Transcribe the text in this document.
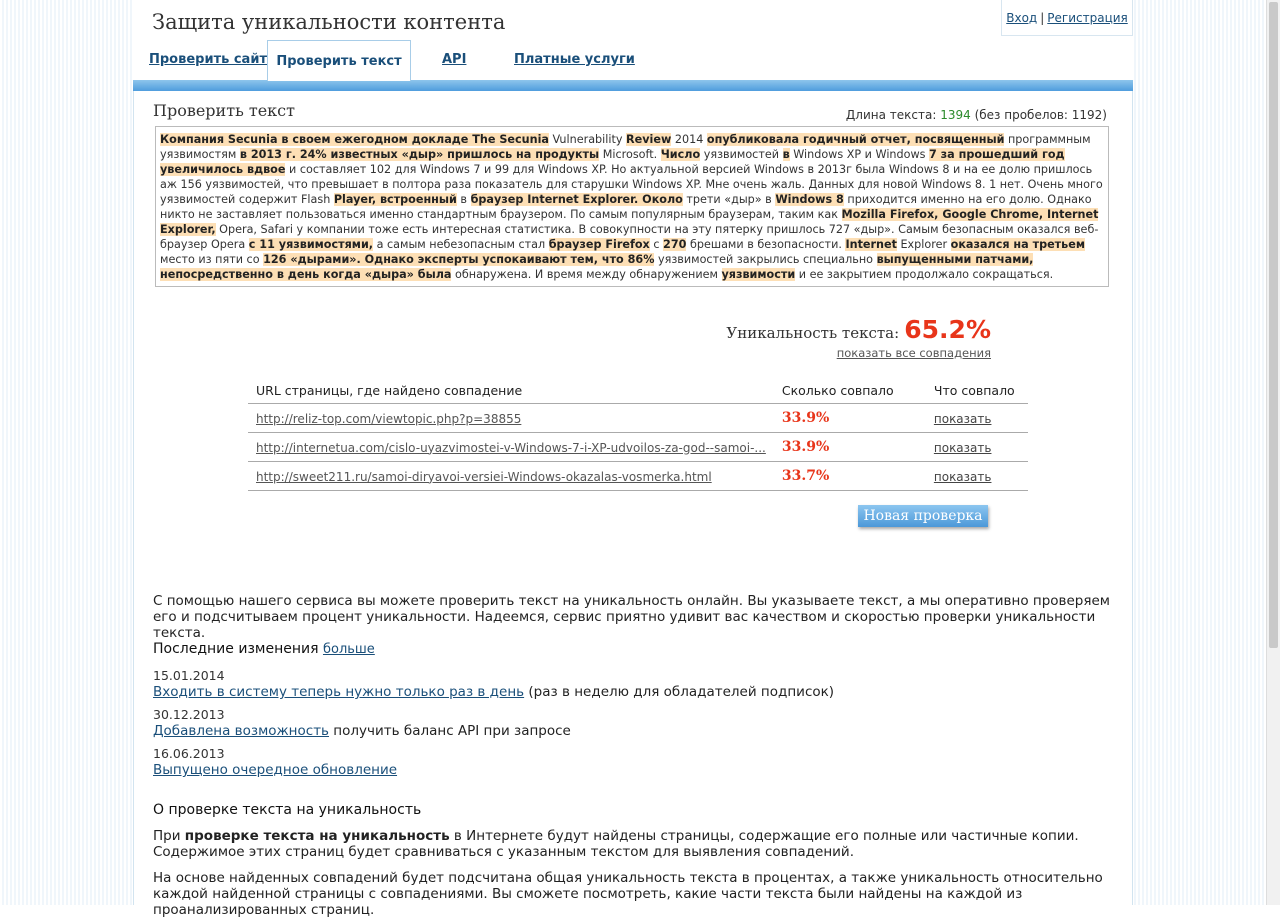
Защита уникальности контента	Вход | Регистрация
Проверить сайт Проверить текст	API	Платные услуги
Проверить текст	Длина текста: 1394 (без пробелов: 1192)
Компания Secunia в своем ежегодном докладе The Secunia Vulnerability Review 2014 опубликовала годичный отчет, посвященный программным уязвимостям в 2013 г. 24% известных «дыр» пришлось на продукты Microsoft. Число уязвимостей в Windows XP и Windows 7 за прошедший год увеличилось вдвое и составляет 102 для Windows 7 и 99 для Windows XP. Но актуальной версией Windows в 2013г была Windows 8 и на ее долю пришлось аж 156 уязвимостей, что превышает в полтора раза показатель для старушки Windows XP. Мне очень жаль. Данных для новой Windows 8. 1 нет. Очень много уязвимостей содержит Flash Player, встроенный в браузер Internet Explorer. Около трети «дыр» в Windows 8 приходится именно на его долю. Однако никто не заставляет пользоваться именно стандартным браузером. По самым популярным браузерам, таким как Mozilla Firefox, Google Chrome, Internet Explorer, Opera, Safari у компании тоже есть интересная статистика. В совокупности на эту пятерку пришлось 727 «дыр». Самым безопасным оказался веб-браузер Opera с 11 уязвимостями, а самым небезопасным стал браузер Firefox с 270 брешами в безопасности. Internet Explorer оказался на третьем место из пяти со 126 «дырами». Однако эксперты успокаивают тем, что 86% уязвимостей закрылись специально выпущенными патчами, непосредственно в день когда «дыра» была обнаружена. И время между обнаружением уязвимости и ее закрытием продолжало сокращаться.
Уникальность текста: 65.2%
показать все совпадения
URL страницы, где найдено совпадение	Сколько совпало	Что совпало
http://reliz-top.com/viewtopic.php?p=38855	33.9%	показать
http://internetua.com/cislo-uyazvimostei-v-Windows-7-i-XP-udvoilos-za-god--samoi-...	33.9%	показать
http://sweet211.ru/samoi-diryavoi-versiei-Windows-okazalas-vosmerka.html	33.7%	показать
Новая проверка

С помощью нашего сервиса вы можете проверить текст на уникальность онлайн. Вы указываете текст, а мы оперативно проверяем его и подсчитываем процент уникальности. Надеемся, сервис приятно удивит вас качеством и скоростью проверки уникальности текста.

Последние изменения больше
15.01.2014
Входить в систему теперь нужно только раз в день (раз в неделю для обладателей подписок)
30.12.2013
Добавлена возможность получить баланс API при запросе
16.06.2013
Выпущено очередное обновление
О проверке текста на уникальность

При проверке текста на уникальность в Интернете будут найдены страницы, содержащие его полные или частичные копии. Содержимое этих страниц будет сравниваться с указанным текстом для выявления совпадений.

На основе найденных совпадений будет подсчитана общая уникальность текста в процентах, а также уникальность относительно каждой найденной страницы с совпадениями. Вы сможете посмотреть, какие части текста были найдены на каждой из проанализированных страниц.
